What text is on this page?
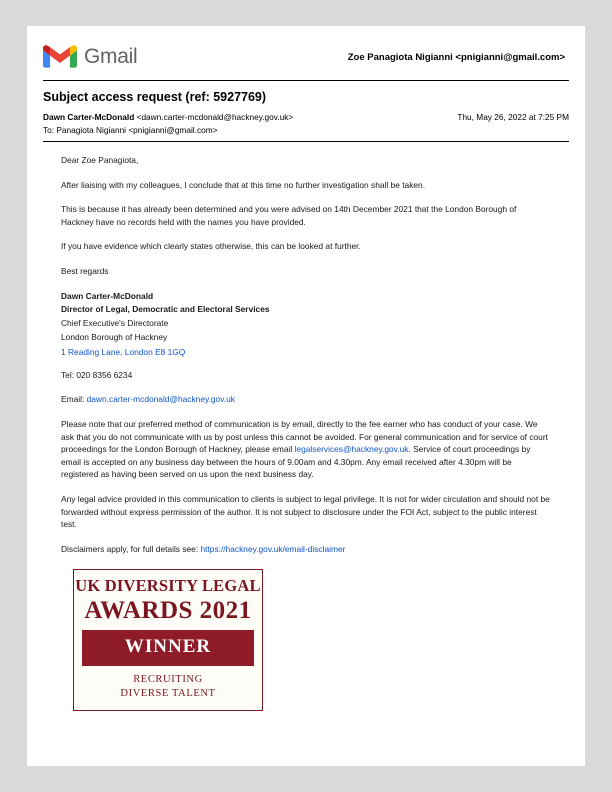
Gmail	Zoe Panagiota Nigianni <pnigianni@gmail.com>
Subject access request (ref: 5927769)
Dawn Carter-McDonald <dawn.carter-mcdonald@hackney.gov.uk>	Thu, May 26, 2022 at 7:25 PM
To: Panagiota Nigianni <pnigianni@gmail.com>

Dear Zoe Panagiota,

After liaising with my colleagues, I conclude that at this time no further investigation shall be taken.

This is because it has already been determined and you were advised on 14th December 2021 that the London Borough of Hackney have no records held with the names you have provided.

If you have evidence which clearly states otherwise, this can be looked at further.

Best regards

Dawn Carter-McDonald

Director of Legal, Democratic and Electoral Services

Chief Executive's Directorate

London Borough of Hackney

1 Reading Lane, London E8 1GQ

Tel: 020 8356 6234

Email: dawn.carter-mcdonald@hackney.gov.uk

Please note that our preferred method of communication is by email, directly to the fee earner who has conduct of your case. We ask that you do not communicate with us by post unless this cannot be avoided. For general communication and for service of court proceedings for the London Borough of Hackney, please email legalservices@hackney.gov.uk. Service of court proceedings by email is accepted on any business day between the hours of 9.00am and 4.30pm. Any email received after 4.30pm will be registered as having been served on us upon the next business day.

Any legal advice provided in this communication to clients is subject to legal privilege. It is not for wider circulation and should not be forwarded without express permission of the author. It is not subject to disclosure under the FOI Act, subject to the public interest test.

Disclaimers apply, for full details see: https://hackney.gov.uk/email-disclaimer

UK DIVERSITY LEGAL
AWARDS 2021
WINNER
RECRUITING
DIVERSE TALENT
